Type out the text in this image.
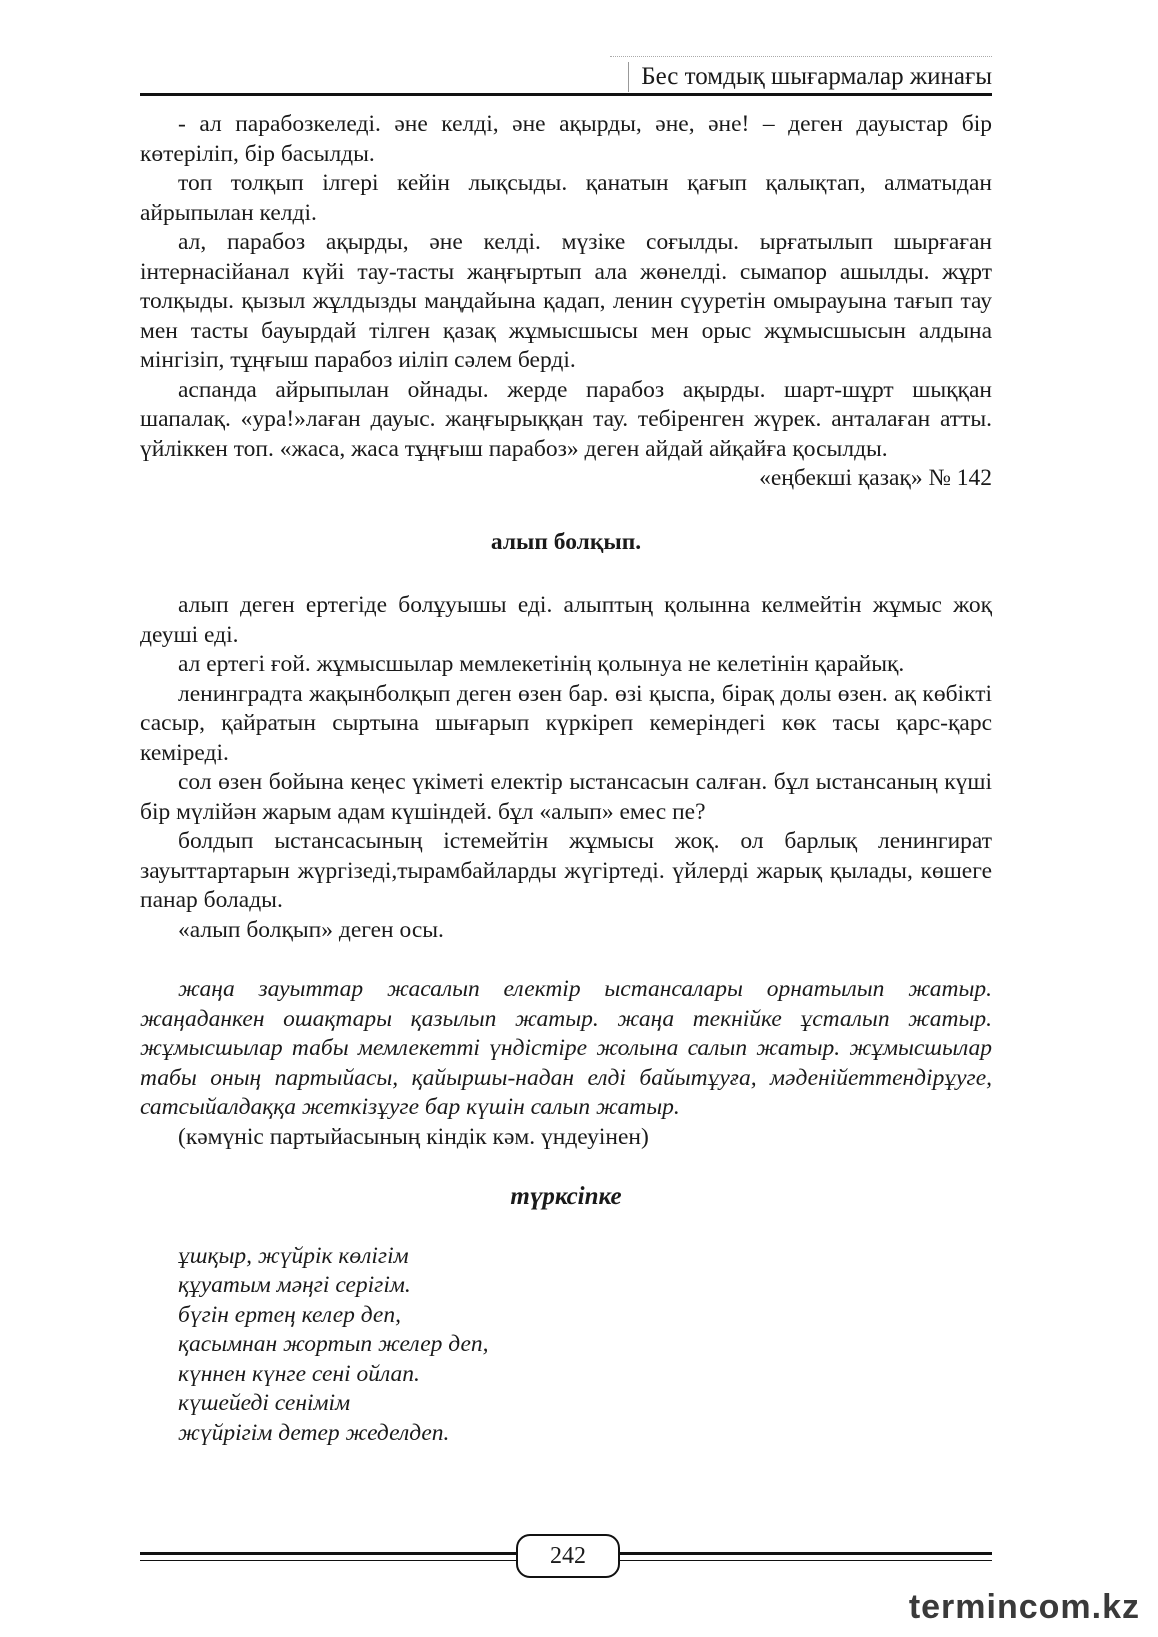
Бес томдық шығармалар жинағы

- ал парабозкеледі. әне келді, әне ақырды, әне, әне! – деген дауыстар бір көтеріліп, бір басылды.

топ толқып ілгері кейін лықсыды. қанатын қағып қалықтап, алматыдан айрыпылан келді.

ал, парабоз ақырды, әне келді. мүзіке соғылды. ырғатылып шырғаған інтернасійанал күйі тау-тасты жаңғыртып ала жөнелді. сымапор ашылды. жұрт толқыды. қызыл жұлдызды маңдайына қадап, ленин сүуретін омырауына тағып тау мен тасты бауырдай тілген қазақ жұмысшысы мен орыс жұмысшысын алдына мінгізіп, тұңғыш парабоз иіліп сәлем берді.

аспанда айрыпылан ойнады. жерде парабоз ақырды. шарт-шұрт шыққан шапалақ. «ура!»лаған дауыс. жаңғырыққан тау. тебіренген жүрек. анталаған атты. үйліккен топ. «жаса, жаса тұңғыш парабоз» деген айдай айқайға қосылды.

«еңбекші қазақ» № 142

алып болқып.

алып деген ертегіде болұуышы еді. алыптың қолынна келмейтін жұмыс жоқ деуші еді.

ал ертегі ғой. жұмысшылар мемлекетінің қолынуа не келетінін қарайық.

ленинградта жақынболқып деген өзен бар. өзі қыспа, бірақ долы өзен. ақ көбікті сасыр, қайратын сыртына шығарып күркіреп кемеріндегі көк тасы қарс-қарс кеміреді.

сол өзен бойына кеңес үкіметі електір ыстансасын салған. бұл ыстансаның күші бір мүлійән жарым адам күшіндей. бұл «алып» емес пе?

болдып ыстансасының істемейтін жұмысы жоқ. ол барлық ленингират зауыттартарын жүргізеді,тырамбайларды жүгіртеді. үйлерді жарық қылады, көшеге панар болады.

«алып болқып» деген осы.

жаңа зауыттар жасалып електір ыстансалары орнатылып жатыр. жаңаданкен ошақтары қазылып жатыр. жаңа текнійке ұсталып жатыр. жұмысшылар табы мемлекетті үндістіре жолына салып жатыр. жұмысшылар табы оның партыйасы, қайыршы-надан елді байытұуға, мәденійеттендірұуге, сатсыйалдаққа жеткізұуге бар күшін салып жатыр.

(кәмүніс партыйасының кіндік кәм. үндеуінен)

түрксіпке
ұшқыр, жүйрік көлігім
құуатым мәңгі серігім.
бүгін ертең келер деп,
қасымнан жортып желер деп,
күннен күнге сені ойлап.
күшейеді сенімім
жүйрігім детер жеделдеп.
242
termincom.kz
